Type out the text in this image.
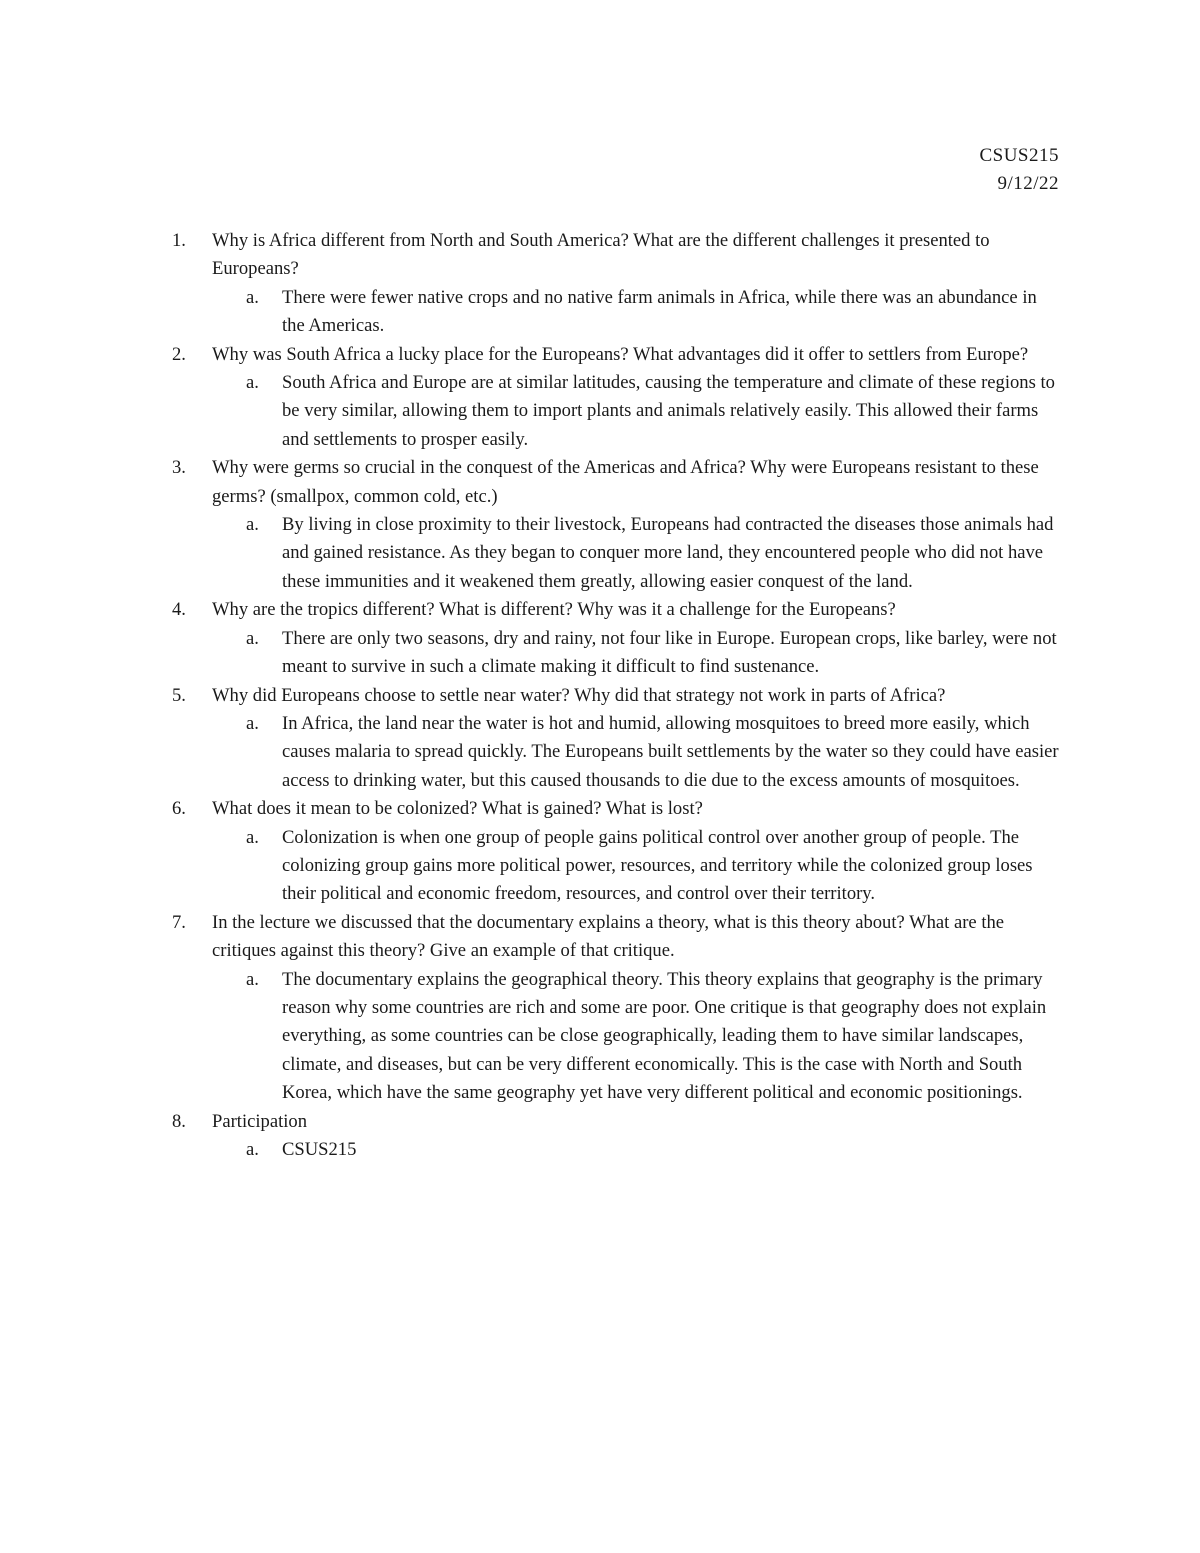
CSUS215
9/12/22
1.	Why is Africa different from North and South America? What are the different challenges it presented to Europeans?
a. There were fewer native crops and no native farm animals in Africa, while there was an abundance in the Americas.
2.	Why was South Africa a lucky place for the Europeans? What advantages did it offer to settlers from Europe?
a. South Africa and Europe are at similar latitudes, causing the temperature and climate of these regions to be very similar, allowing them to import plants and animals relatively easily. This allowed their farms and settlements to prosper easily.
3.	Why were germs so crucial in the conquest of the Americas and Africa? Why were Europeans resistant to these germs? (smallpox, common cold, etc.)
a. By living in close proximity to their livestock, Europeans had contracted the diseases those animals had and gained resistance. As they began to conquer more land, they encountered people who did not have these immunities and it weakened them greatly, allowing easier conquest of the land.
4.	Why are the tropics different? What is different? Why was it a challenge for the Europeans?
a. There are only two seasons, dry and rainy, not four like in Europe. European crops, like barley, were not meant to survive in such a climate making it difficult to find sustenance.
5.	Why did Europeans choose to settle near water? Why did that strategy not work in parts of Africa?
a. In Africa, the land near the water is hot and humid, allowing mosquitoes to breed more easily, which causes malaria to spread quickly. The Europeans built settlements by the water so they could have easier access to drinking water, but this caused thousands to die due to the excess amounts of mosquitoes.
6.	What does it mean to be colonized? What is gained? What is lost?
a. Colonization is when one group of people gains political control over another group of people. The colonizing group gains more political power, resources, and territory while the colonized group loses their political and economic freedom, resources, and control over their territory.
7.	In the lecture we discussed that the documentary explains a theory, what is this theory about? What are the critiques against this theory? Give an example of that critique.
a. The documentary explains the geographical theory. This theory explains that geography is the primary reason why some countries are rich and some are poor. One critique is that geography does not explain everything, as some countries can be close geographically, leading them to have similar landscapes, climate, and diseases, but can be very different economically. This is the case with North and South Korea, which have the same geography yet have very different political and economic positionings.
8.	Participation
a. CSUS215
